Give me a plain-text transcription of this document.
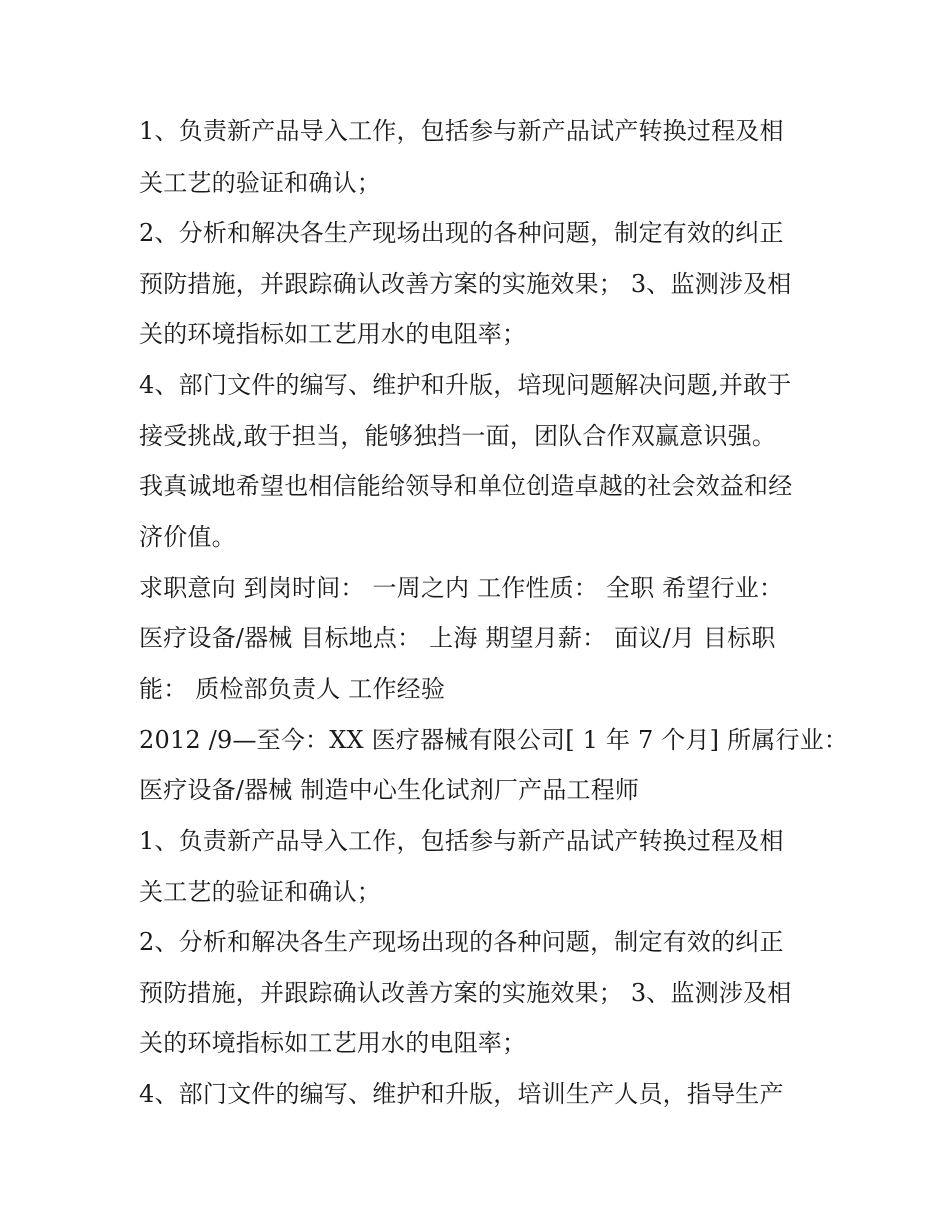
1、负责新产品导入工作，包括参与新产品试产转换过程及相
关工艺的验证和确认；
2、分析和解决各生产现场出现的各种问题，制定有效的纠正
预防措施，并跟踪确认改善方案的实施效果； 3、监测涉及相
关的环境指标如工艺用水的电阻率；
4、部门文件的编写、维护和升版，培现问题解决问题,并敢于
接受挑战,敢于担当，能够独挡一面，团队合作双赢意识强。
我真诚地希望也相信能给领导和单位创造卓越的社会效益和经
济价值。
求职意向 到岗时间： 一周之内 工作性质： 全职 希望行业：
医疗设备/器械 目标地点： 上海 期望月薪： 面议/月 目标职
能： 质检部负责人 工作经验
2012 /9—至今：XX 医疗器械有限公司[ 1 年 7 个月] 所属行业：
医疗设备/器械 制造中心生化试剂厂产品工程师
1、负责新产品导入工作，包括参与新产品试产转换过程及相
关工艺的验证和确认；
2、分析和解决各生产现场出现的各种问题，制定有效的纠正
预防措施，并跟踪确认改善方案的实施效果； 3、监测涉及相
关的环境指标如工艺用水的电阻率；
4、部门文件的编写、维护和升版，培训生产人员，指导生产
